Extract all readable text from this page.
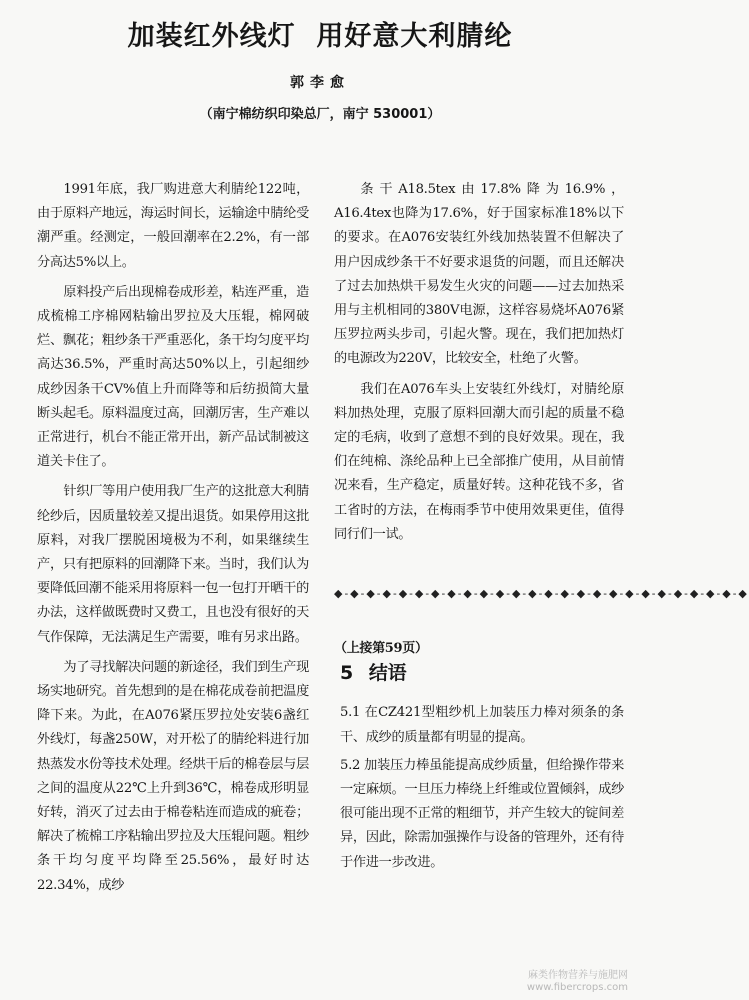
加装红外线灯  用好意大利腈纶
郭李愈
（南宁棉纺织印染总厂，南宁 530001）

1991年底，我厂购进意大利腈纶122吨，由于原料产地远，海运时间长，运输途中腈纶受潮严重。经测定，一般回潮率在2.2%，有一部分高达5%以上。

原料投产后出现棉卷成形差，粘连严重，造成梳棉工序棉网粘输出罗拉及大压辊，棉网破烂、飘花；粗纱条干严重恶化，条干均匀度平均高达36.5%，严重时高达50%以上，引起细纱成纱因条干CV%值上升而降等和后纺损简大量断头起毛。原料温度过高，回潮厉害，生产难以正常进行，机台不能正常开出，新产品试制被这道关卡住了。

针织厂等用户使用我厂生产的这批意大利腈纶纱后，因质量较差又提出退货。如果停用这批原料，对我厂摆脱困境极为不利，如果继续生产，只有把原料的回潮降下来。当时，我们认为要降低回潮不能采用将原料一包一包打开晒干的办法，这样做既费时又费工，且也没有很好的天气作保障，无法满足生产需要，唯有另求出路。

为了寻找解决问题的新途径，我们到生产现场实地研究。首先想到的是在棉花成卷前把温度降下来。为此，在A076紧压罗拉处安装6盏红外线灯，每盏250W，对开松了的腈纶料进行加热蒸发水份等技术处理。经烘干后的棉卷层与层之间的温度从22℃上升到36℃，棉卷成形明显好转，消灭了过去由于棉卷粘连而造成的疵卷；解决了梳棉工序粘输出罗拉及大压辊问题。粗纱条干均匀度平均降至25.56%，最好时达22.34%，成纱

条干A18.5tex由17.8%降为16.9%，A16.4tex也降为17.6%，好于国家标准18%以下的要求。在A076安装红外线加热装置不但解决了用户因成纱条干不好要求退货的问题，而且还解决了过去加热烘干易发生火灾的问题——过去加热采用与主机相同的380V电源，这样容易烧坏A076紧压罗拉两头步司，引起火警。现在，我们把加热灯的电源改为220V，比较安全，杜绝了火警。

我们在A076车头上安装红外线灯，对腈纶原料加热处理，克服了原料回潮大而引起的质量不稳定的毛病，收到了意想不到的良好效果。现在，我们在纯棉、涤纶品种上已全部推广使用，从目前情况来看，生产稳定，质量好转。这种花钱不多，省工省时的方法，在梅雨季节中使用效果更佳，值得同行们一试。

◆-◆-◆-◆-◆-◆-◆-◆-◆-◆-◆-◆-◆-◆-◆-◆-◆-◆-◆-◆-◆-◆-◆-◆-◆-◆

（上接第59页）

5 结语

5.1 在CZ421型粗纱机上加装压力棒对须条的条干、成纱的质量都有明显的提高。

5.2 加装压力棒虽能提高成纱质量，但给操作带来一定麻烦。一旦压力棒绕上纤维或位置倾斜，成纱很可能出现不正常的粗细节，并产生较大的锭间差异，因此，除需加强操作与设备的管理外，还有待于作进一步改进。

麻类作物营养与施肥网
www.fibercrops.com
